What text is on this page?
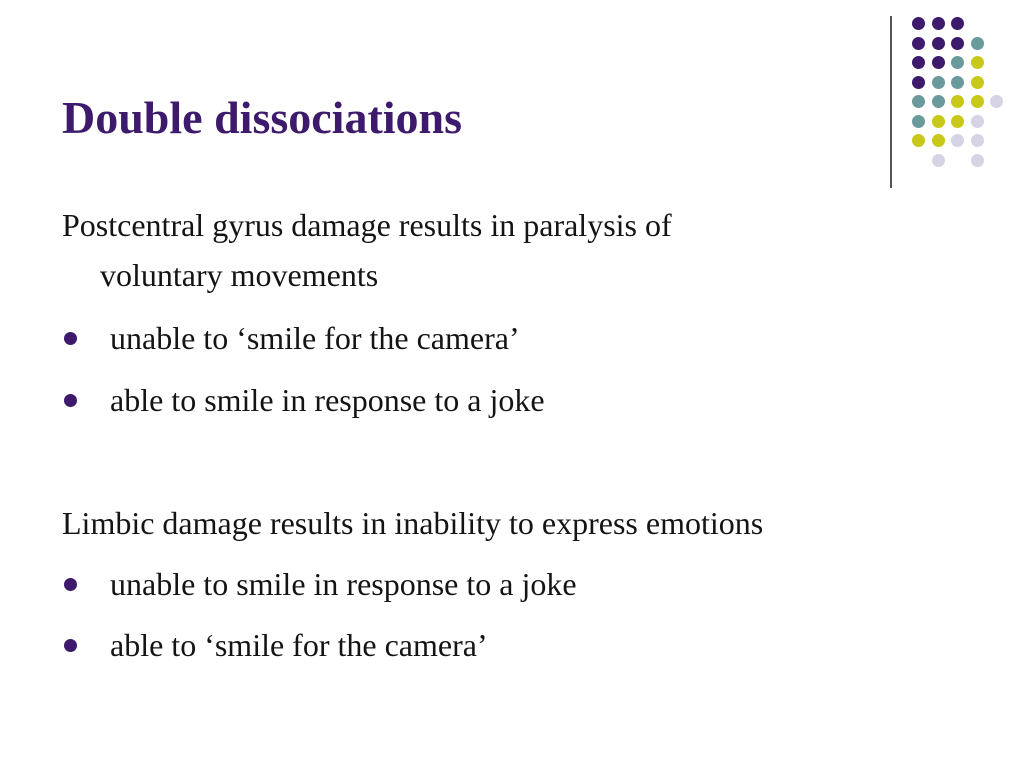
Double dissociations

Postcentral gyrus damage results in paralysis of
voluntary movements

unable to ‘smile for the camera’
able to smile in response to a joke

Limbic damage results in inability to express emotions

unable to smile in response to a joke
able to ‘smile for the camera’
